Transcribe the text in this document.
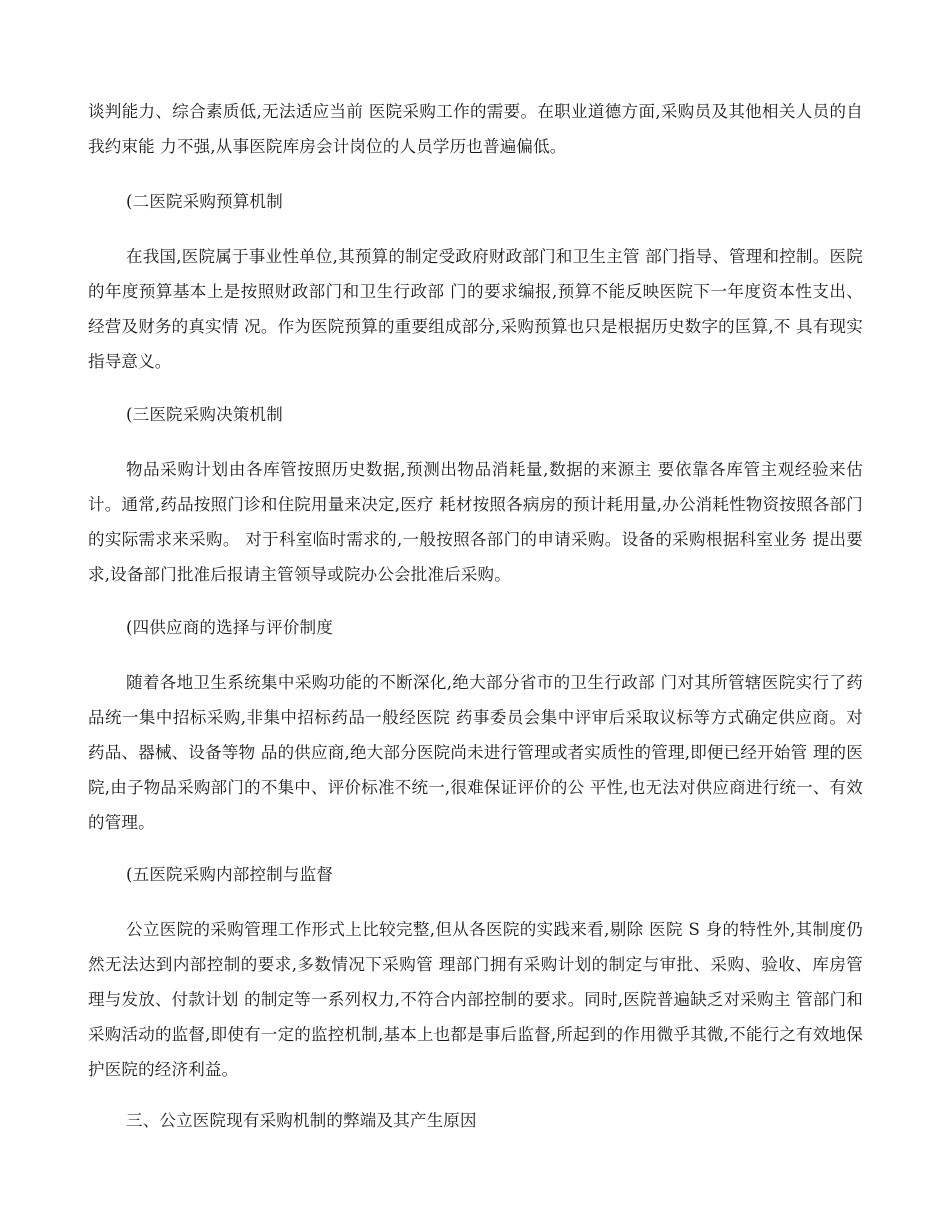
谈判能力、综合素质低,无法适应当前 医院采购工作的需要。在职业道德方面,采购员及其他相关人员的自我约束能 力不强,从事医院库房会计岗位的人员学历也普遍偏低。

(二医院采购预算机制

在我国,医院属于事业性单位,其预算的制定受政府财政部门和卫生主管 部门指导、管理和控制。医院的年度预算基本上是按照财政部门和卫生行政部 门的要求编报,预算不能反映医院下一年度资本性支出、经营及财务的真实情 况。作为医院预算的重要组成部分,采购预算也只是根据历史数字的匡算,不 具有现实指导意义。

(三医院采购决策机制

物品采购计划由各库管按照历史数据,预测出物品消耗量,数据的来源主 要依靠各库管主观经验来估计。通常,药品按照门诊和住院用量来决定,医疗 耗材按照各病房的预计耗用量,办公消耗性物资按照各部门的实际需求来采购。 对于科室临时需求的,一般按照各部门的申请采购。设备的采购根据科室业务 提出要求,设备部门批准后报请主管领导或院办公会批准后采购。

(四供应商的选择与评价制度

随着各地卫生系统集中采购功能的不断深化,绝大部分省市的卫生行政部 门对其所管辖医院实行了药品统一集中招标采购,非集中招标药品一般经医院 药事委员会集中评审后采取议标等方式确定供应商。对药品、器械、设备等物 品的供应商,绝大部分医院尚未进行管理或者实质性的管理,即便已经开始管 理的医院,由子物品采购部门的不集中、评价标准不统一,很难保证评价的公 平性,也无法对供应商进行统一、有效的管理。

(五医院采购内部控制与监督

公立医院的采购管理工作形式上比较完整,但从各医院的实践来看,剔除 医院 S 身的特性外,其制度仍然无法达到内部控制的要求,多数情况下采购管 理部门拥有采购计划的制定与审批、采购、验收、库房管理与发放、付款计划 的制定等一系列权力,不符合内部控制的要求。同时,医院普遍缺乏对采购主 管部门和采购活动的监督,即使有一定的监控机制,基本上也都是事后监督,所起到的作用微乎其微,不能行之有效地保护医院的经济利益。

三、公立医院现有采购机制的弊端及其产生原因
